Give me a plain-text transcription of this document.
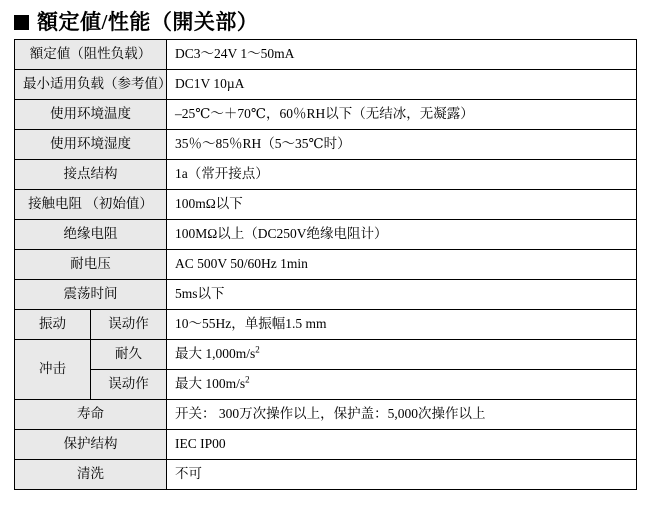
額定値/性能（開关部）
額定値（阻性负载）		DC3～24V 1～50mA
最小适用负载（参考值）		DC1V 10µA
使用环境温度		–25℃～＋70℃，60％RH以下（无结冰，无凝露）
使用环境湿度		35％～85％RH（5～35℃时）
接点结构		1a（常开接点）
接触电阻 （初始值）		100mΩ以下
绝缘电阻		100MΩ以上（DC250V绝缘电阻计）
耐电压		AC 500V 50/60Hz 1min
震荡时间		5ms以下
振动	误动作	10～55Hz，单振幅1.5 mm
冲击	耐久	最大 $1,000m/s^2$
	误动作	最大 $100m/s^2$
寿命		开关： 300万次操作以上，保护盖：5,000次操作以上
保护结构		IEC IP00
清洗		不可
